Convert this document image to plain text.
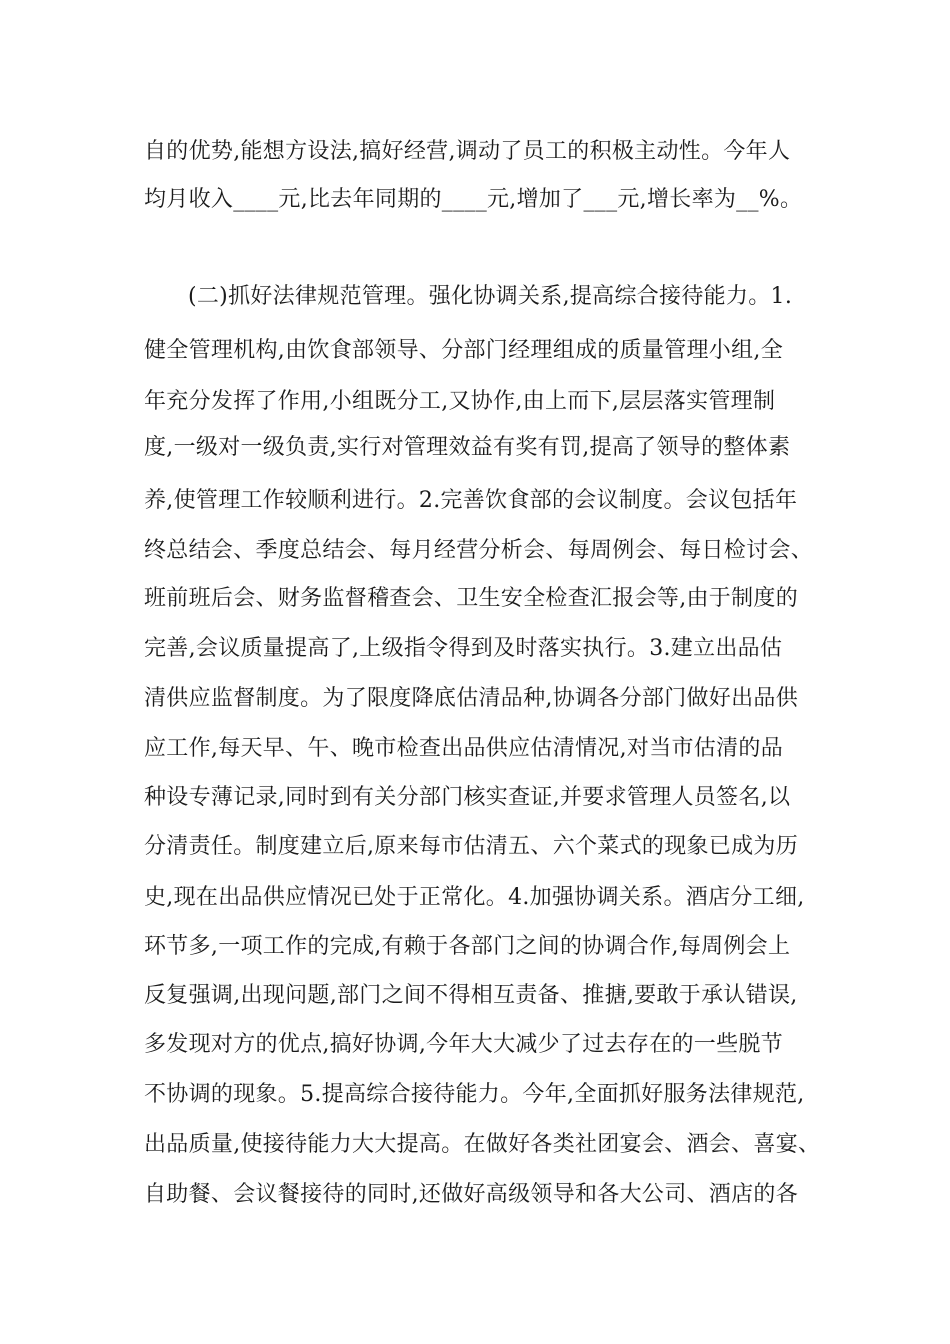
自的优势,能想方设法,搞好经营,调动了员工的积极主动性。今年人

均月收入____元,比去年同期的____元,增加了___元,增长率为__%。

(二)抓好法律规范管理。强化协调关系,提高综合接待能力。1.

健全管理机构,由饮食部领导、分部门经理组成的质量管理小组,全

年充分发挥了作用,小组既分工,又协作,由上而下,层层落实管理制

度,一级对一级负责,实行对管理效益有奖有罚,提高了领导的整体素

养,使管理工作较顺利进行。2.完善饮食部的会议制度。会议包括年

终总结会、季度总结会、每月经营分析会、每周例会、每日检讨会、

班前班后会、财务监督稽查会、卫生安全检查汇报会等,由于制度的

完善,会议质量提高了,上级指令得到及时落实执行。3.建立出品估

清供应监督制度。为了限度降底估清品种,协调各分部门做好出品供

应工作,每天早、午、晚市检查出品供应估清情况,对当市估清的品

种设专薄记录,同时到有关分部门核实查证,并要求管理人员签名,以

分清责任。制度建立后,原来每市估清五、六个菜式的现象已成为历

史,现在出品供应情况已处于正常化。4.加强协调关系。酒店分工细,

环节多,一项工作的完成,有赖于各部门之间的协调合作,每周例会上

反复强调,出现问题,部门之间不得相互责备、推搪,要敢于承认错误,

多发现对方的优点,搞好协调,今年大大减少了过去存在的一些脱节

不协调的现象。5.提高综合接待能力。今年,全面抓好服务法律规范,

出品质量,使接待能力大大提高。在做好各类社团宴会、酒会、喜宴、

自助餐、会议餐接待的同时,还做好高级领导和各大公司、酒店的各
